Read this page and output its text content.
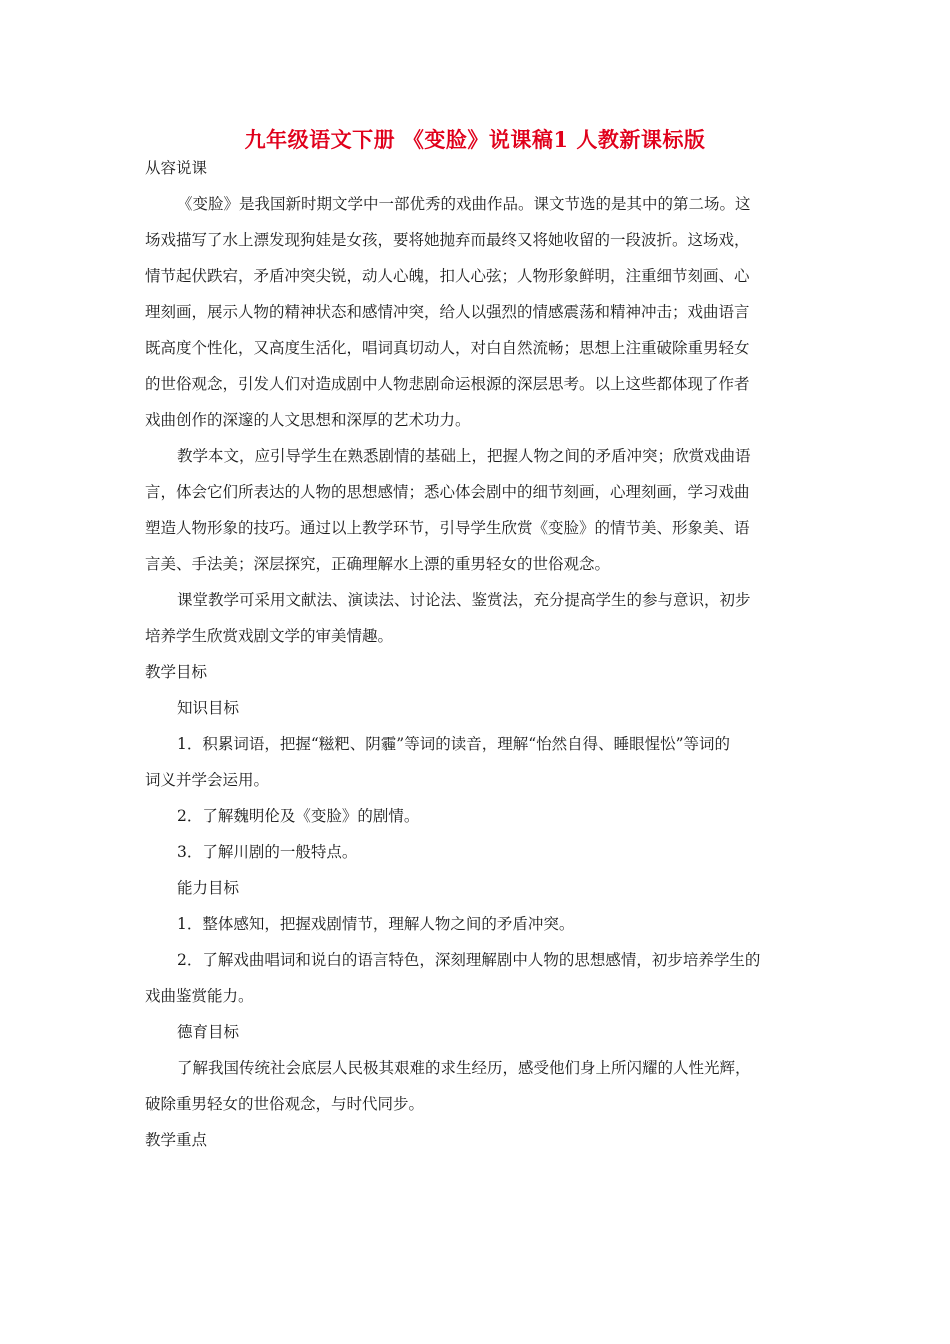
九年级语文下册 《变脸》说课稿1 人教新课标版
从容说课
《变脸》是我国新时期文学中一部优秀的戏曲作品。课文节选的是其中的第二场。这
场戏描写了水上漂发现狗娃是女孩，要将她抛弃而最终又将她收留的一段波折。这场戏，
情节起伏跌宕，矛盾冲突尖锐，动人心魄，扣人心弦；人物形象鲜明，注重细节刻画、心
理刻画，展示人物的精神状态和感情冲突，给人以强烈的情感震荡和精神冲击；戏曲语言
既高度个性化，又高度生活化，唱词真切动人，对白自然流畅；思想上注重破除重男轻女
的世俗观念，引发人们对造成剧中人物悲剧命运根源的深层思考。以上这些都体现了作者
戏曲创作的深邃的人文思想和深厚的艺术功力。
教学本文，应引导学生在熟悉剧情的基础上，把握人物之间的矛盾冲突；欣赏戏曲语
言，体会它们所表达的人物的思想感情；悉心体会剧中的细节刻画，心理刻画，学习戏曲
塑造人物形象的技巧。通过以上教学环节，引导学生欣赏《变脸》的情节美、形象美、语
言美、手法美；深层探究，正确理解水上漂的重男轻女的世俗观念。
课堂教学可采用文献法、演读法、讨论法、鉴赏法，充分提高学生的参与意识，初步
培养学生欣赏戏剧文学的审美情趣。
教学目标
知识目标
1．积累词语，把握“糍粑、阴霾”等词的读音，理解“怡然自得、睡眼惺忪”等词的
词义并学会运用。
2．了解魏明伦及《变脸》的剧情。
3．了解川剧的一般特点。
能力目标
1．整体感知，把握戏剧情节，理解人物之间的矛盾冲突。
2．了解戏曲唱词和说白的语言特色，深刻理解剧中人物的思想感情，初步培养学生的
戏曲鉴赏能力。
德育目标
了解我国传统社会底层人民极其艰难的求生经历，感受他们身上所闪耀的人性光辉，
破除重男轻女的世俗观念，与时代同步。
教学重点
